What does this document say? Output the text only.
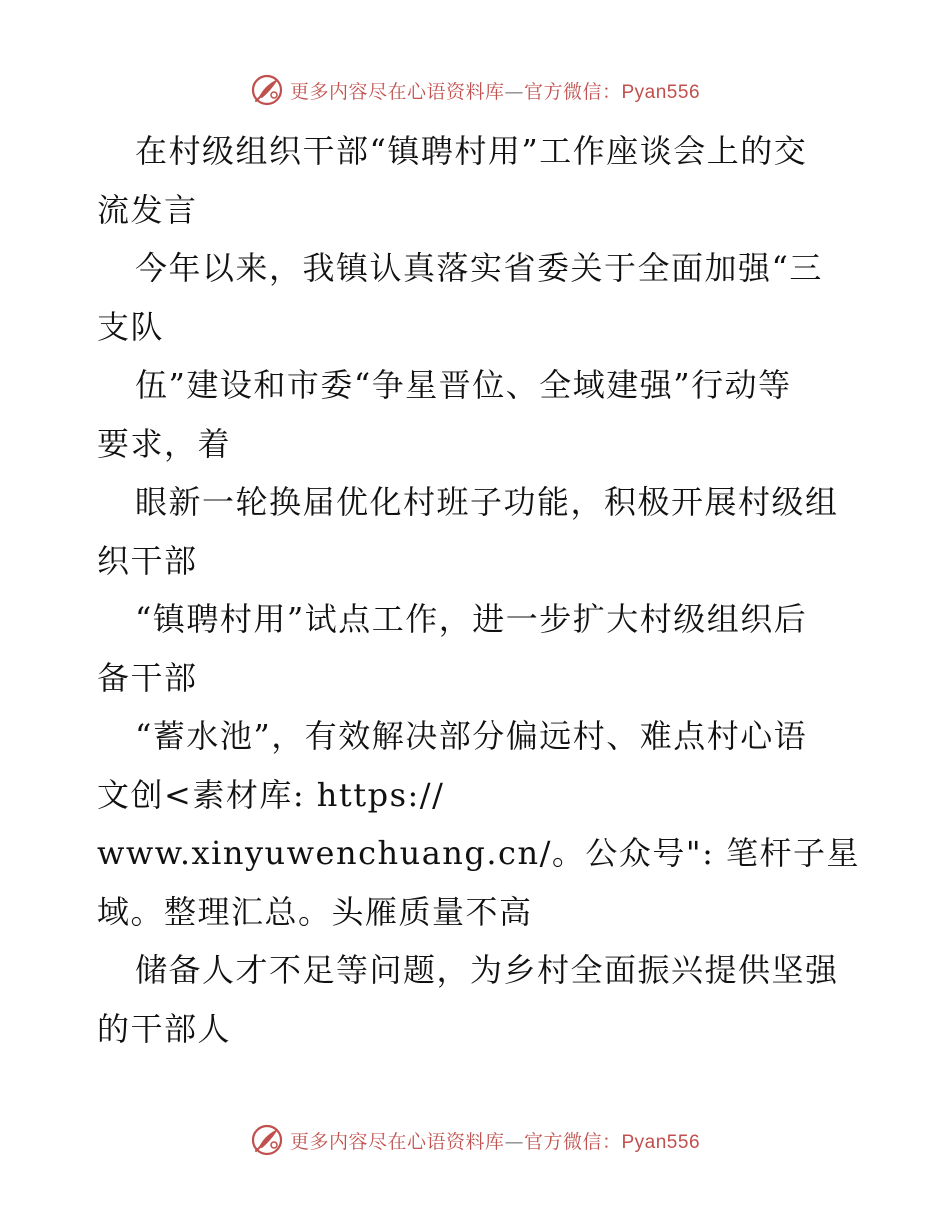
更多内容尽在心语资料库—官方微信：Pyan556
在村级组织干部“镇聘村用”工作座谈会上的交
流发言
今年以来，我镇认真落实省委关于全面加强“三
支队
伍”建设和市委“争星晋位、全域建强”行动等
要求，着
眼新一轮换届优化村班子功能，积极开展村级组
织干部
“镇聘村用”试点工作，进一步扩大村级组织后
备干部
“蓄水池”，有效解决部分偏远村、难点村心语
文创<素材库: https://
www.xinyuwenchuang.cn/。公众号": 笔杆子星
域。整理汇总。头雁质量不高
储备人才不足等问题，为乡村全面振兴提供坚强
的干部人
更多内容尽在心语资料库—官方微信：Pyan556
